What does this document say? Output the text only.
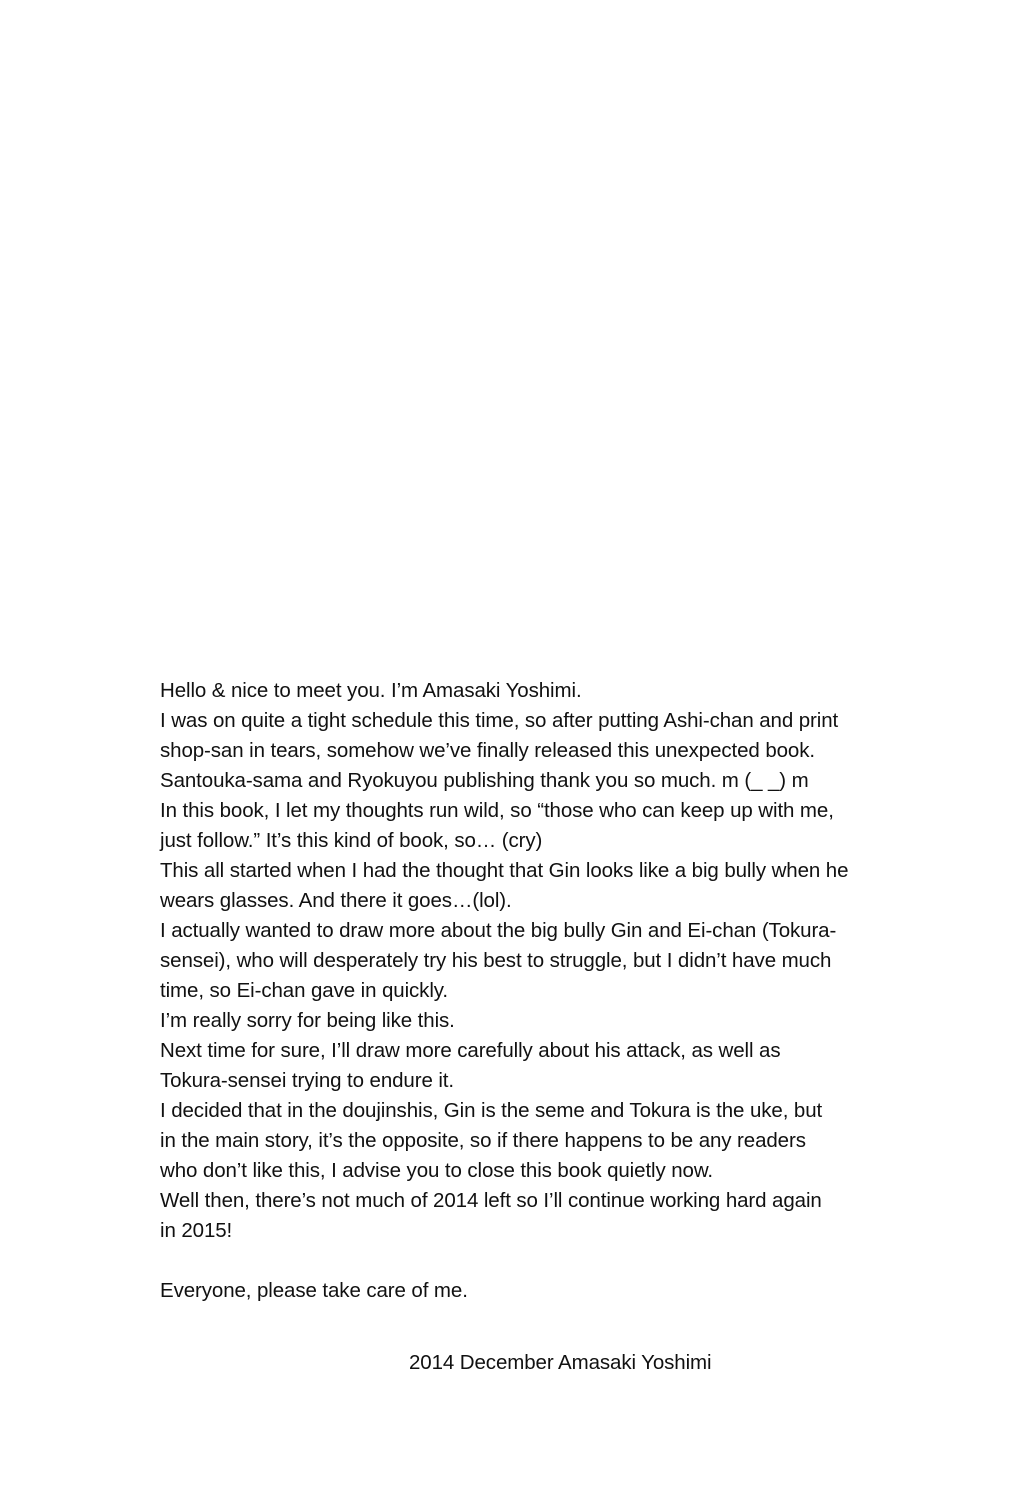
Hello & nice to meet you. I’m Amasaki Yoshimi.
I was on quite a tight schedule this time, so after putting Ashi-chan and print
shop-san in tears, somehow we’ve finally released this unexpected book.
Santouka-sama and Ryokuyou publishing thank you so much. m (_ _) m
In this book, I let my thoughts run wild, so “those who can keep up with me,
just follow.” It’s this kind of book, so… (cry)
This all started when I had the thought that Gin looks like a big bully when he
wears glasses. And there it goes…(lol).
I actually wanted to draw more about the big bully Gin and Ei-chan (Tokura-
sensei), who will desperately try his best to struggle, but I didn’t have much
time, so Ei-chan gave in quickly.
I’m really sorry for being like this.
Next time for sure, I’ll draw more carefully about his attack, as well as
Tokura-sensei trying to endure it.
I decided that in the doujinshis, Gin is the seme and Tokura is the uke, but
in the main story, it’s the opposite, so if there happens to be any readers
who don’t like this, I advise you to close this book quietly now.
Well then, there’s not much of 2014 left so I’ll continue working hard again
in 2015!
Everyone, please take care of me.
2014 December Amasaki Yoshimi
